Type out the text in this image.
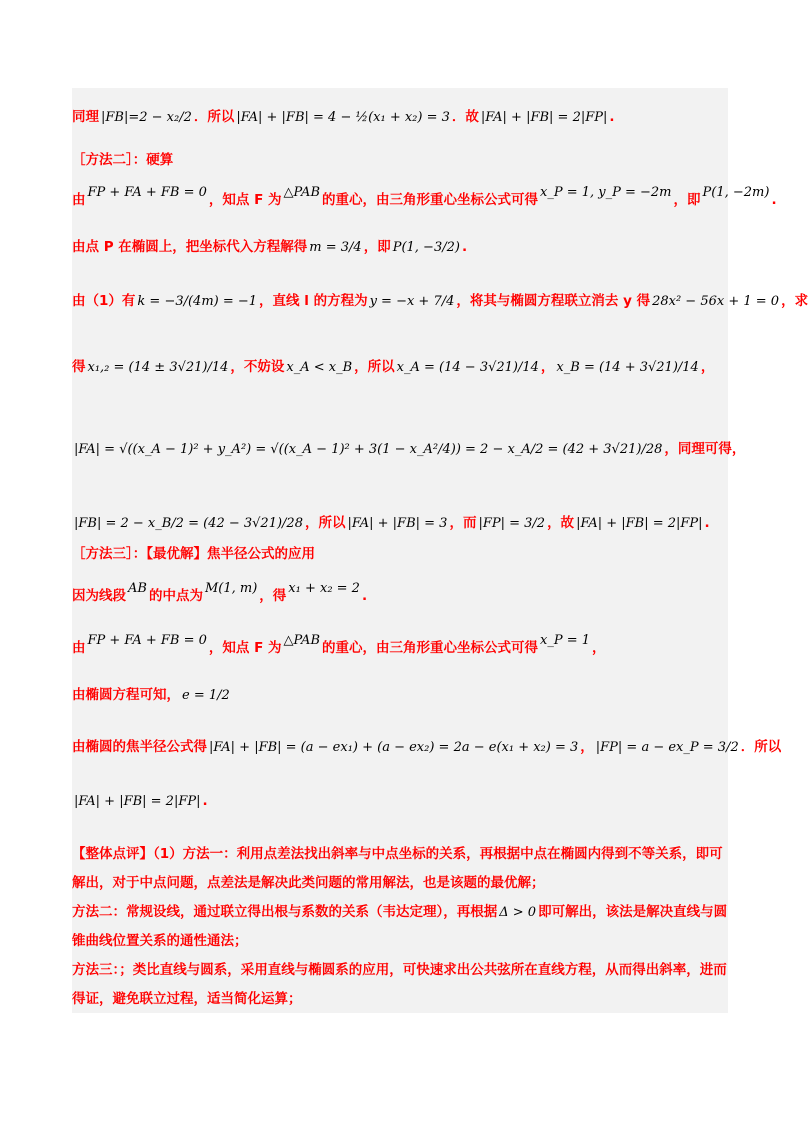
同理 |FB|=2 − x₂/2 ．所以 |FA| + |FB| = 4 − ½(x₁ + x₂) = 3 ．故 |FA| + |FB| = 2|FP| .
［方法二］：硬算
由 FP + FA + FB = 0 ，知点 F 为 △PAB 的重心，由三角形重心坐标公式可得 x_P = 1, y_P = −2m ，即 P(1, −2m) .
由点 P 在椭圆上，把坐标代入方程解得 m = 3/4 ，即 P(1, −3/2) .
由（1）有 k = −3/(4m) = −1 ，直线 l 的方程为 y = −x + 7/4 ，将其与椭圆方程联立消去 y 得 28x² − 56x + 1 = 0 ，求
得 x₁,₂ = (14 ± 3√21)/14 ，不妨设 x_A < x_B ，所以 x_A = (14 − 3√21)/14 ， x_B = (14 + 3√21)/14 ，
|FA| = √((x_A − 1)² + y_A²) = √((x_A − 1)² + 3(1 − x_A²/4)) = 2 − x_A/2 = (42 + 3√21)/28 ，同理可得，
|FB| = 2 − x_B/2 = (42 − 3√21)/28 ，所以 |FA| + |FB| = 3 ，而 |FP| = 3/2 ，故 |FA| + |FB| = 2|FP| .
［方法三］：【最优解】焦半径公式的应用
因为线段 AB 的中点为 M(1, m) ，得 x₁ + x₂ = 2 .
由 FP + FA + FB = 0 ，知点 F 为 △PAB 的重心，由三角形重心坐标公式可得 x_P = 1 ，
由椭圆方程可知， e = 1/2
由椭圆的焦半径公式得 |FA| + |FB| = (a − ex₁) + (a − ex₂) = 2a − e(x₁ + x₂) = 3 ， |FP| = a − ex_P = 3/2 ．所以
|FA| + |FB| = 2|FP| .
【整体点评】（1）方法一：利用点差法找出斜率与中点坐标的关系，再根据中点在椭圆内得到不等关系，即可解出，对于中点问题，点差法是解决此类问题的常用解法，也是该题的最优解；
方法二：常规设线，通过联立得出根与系数的关系（韦达定理），再根据 Δ > 0 即可解出，该法是解决直线与圆锥曲线位置关系的通性通法；
方法三：；类比直线与圆系，采用直线与椭圆系的应用，可快速求出公共弦所在直线方程，从而得出斜率，进而得证，避免联立过程，适当简化运算；
